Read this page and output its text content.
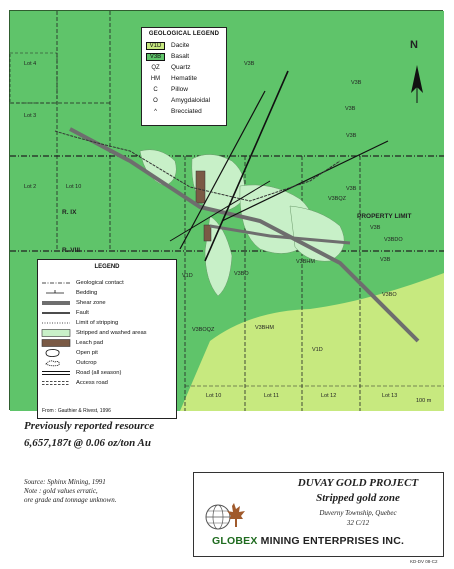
Lot 4
Lot 3
Lot 2	Lot 10
Lot 10	Lot 11	Lot 12	Lot 13
R. IX
R. VIII
PROPERTY LIMIT
V3B
V3B
V3B
V3B
V3B
V3BQZ
V3B
V3BDO
V3B
V3BO
V3BO
V3BOQZ	V3BHM
V3BHM
V1D
V1D
N
100 m
GEOLOGICAL LEGEND
V1D	Dacite
V3B	Basalt
QZ	Quartz
HM	Hematite
C	Pillow
O	Amygdaloidal
^	Brecciated
LEGEND
Geological contact
Bedding
Shear zone
Fault
Limit of stripping
Stripped and washed areas
Leach pad
Open pit
Outcrop
Road (all season)
Access road
From : Gauthier & Rivest, 1996
Previously reported resource
6,657,187t @ 0.06 oz/ton Au
Source: Sphinx Mining, 1991
Note : gold values erratic,
ore grade and tonnage unknown.
DUVAY GOLD PROJECT
Stripped gold zone
Duverny Township, Quebec
32 C/12
GLOBEX MINING ENTERPRISES INC.
KD-DV 08-C2
